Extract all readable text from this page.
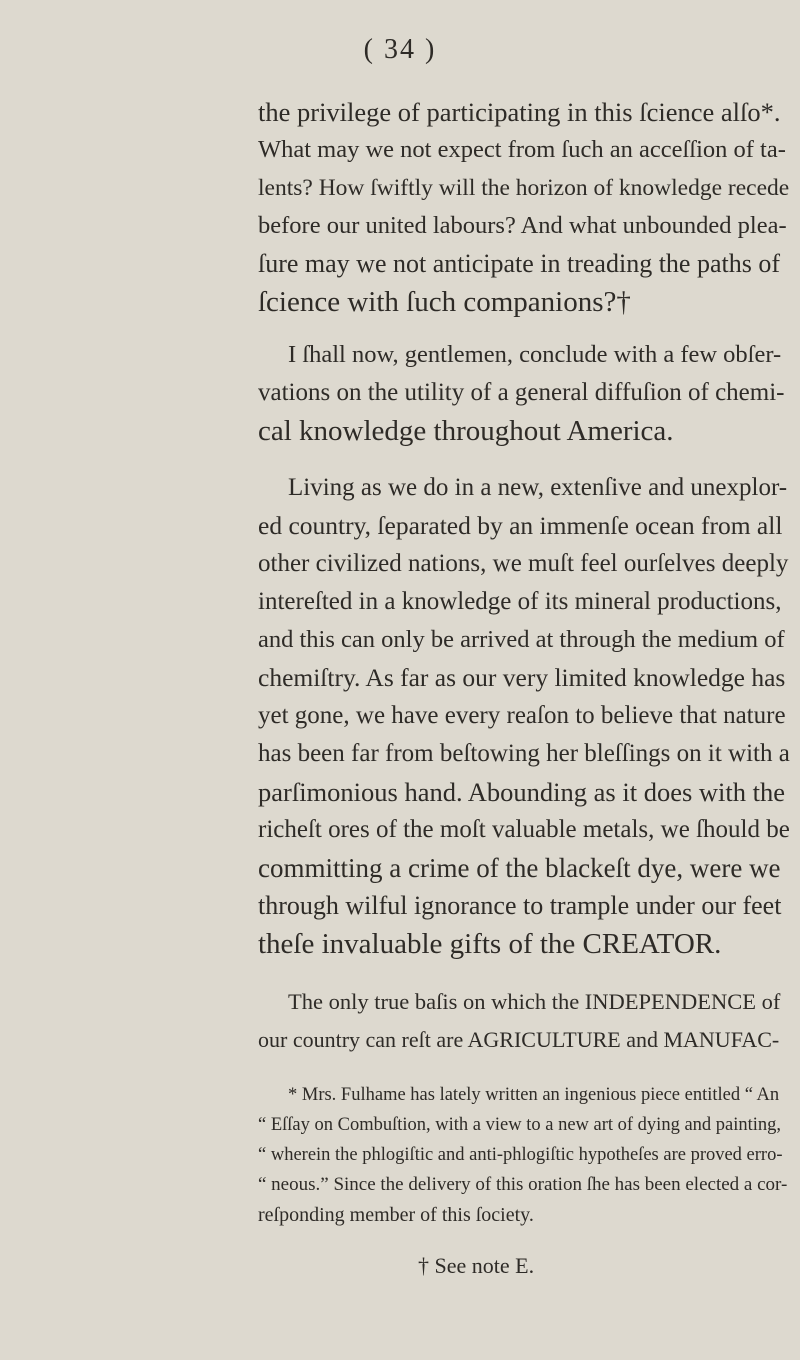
( 34 )
the privilege of participating in this ſcience alſo*.
What may we not expect from ſuch an acceſſion of ta-
lents? How ſwiftly will the horizon of knowledge recede
before our united labours? And what unbounded plea-
ſure may we not anticipate in treading the paths of
ſcience with ſuch companions?†
I ſhall now, gentlemen, conclude with a few obſer-
vations on the utility of a general diffuſion of chemi-
cal knowledge throughout America.
Living as we do in a new, extenſive and unexplor-
ed country, ſeparated by an immenſe ocean from all
other civilized nations, we muſt feel ourſelves deeply
intereſted in a knowledge of its mineral productions,
and this can only be arrived at through the medium of
chemiſtry. As far as our very limited knowledge has
yet gone, we have every reaſon to believe that nature
has been far from beſtowing her bleſſings on it with a
parſimonious hand. Abounding as it does with the
richeſt ores of the moſt valuable metals, we ſhould be
committing a crime of the blackeſt dye, were we
through wilful ignorance to trample under our feet
theſe invaluable gifts of the CREATOR.
The only true baſis on which the INDEPENDENCE of
our country can reſt are AGRICULTURE and MANUFAC-
* Mrs. Fulhame has lately written an ingenious piece entitled “ An
“ Eſſay on Combuſtion, with a view to a new art of dying and painting,
“ wherein the phlogiſtic and anti-phlogiſtic hypotheſes are proved erro-
“ neous.” Since the delivery of this oration ſhe has been elected a cor-
reſponding member of this ſociety.
† See note E.
